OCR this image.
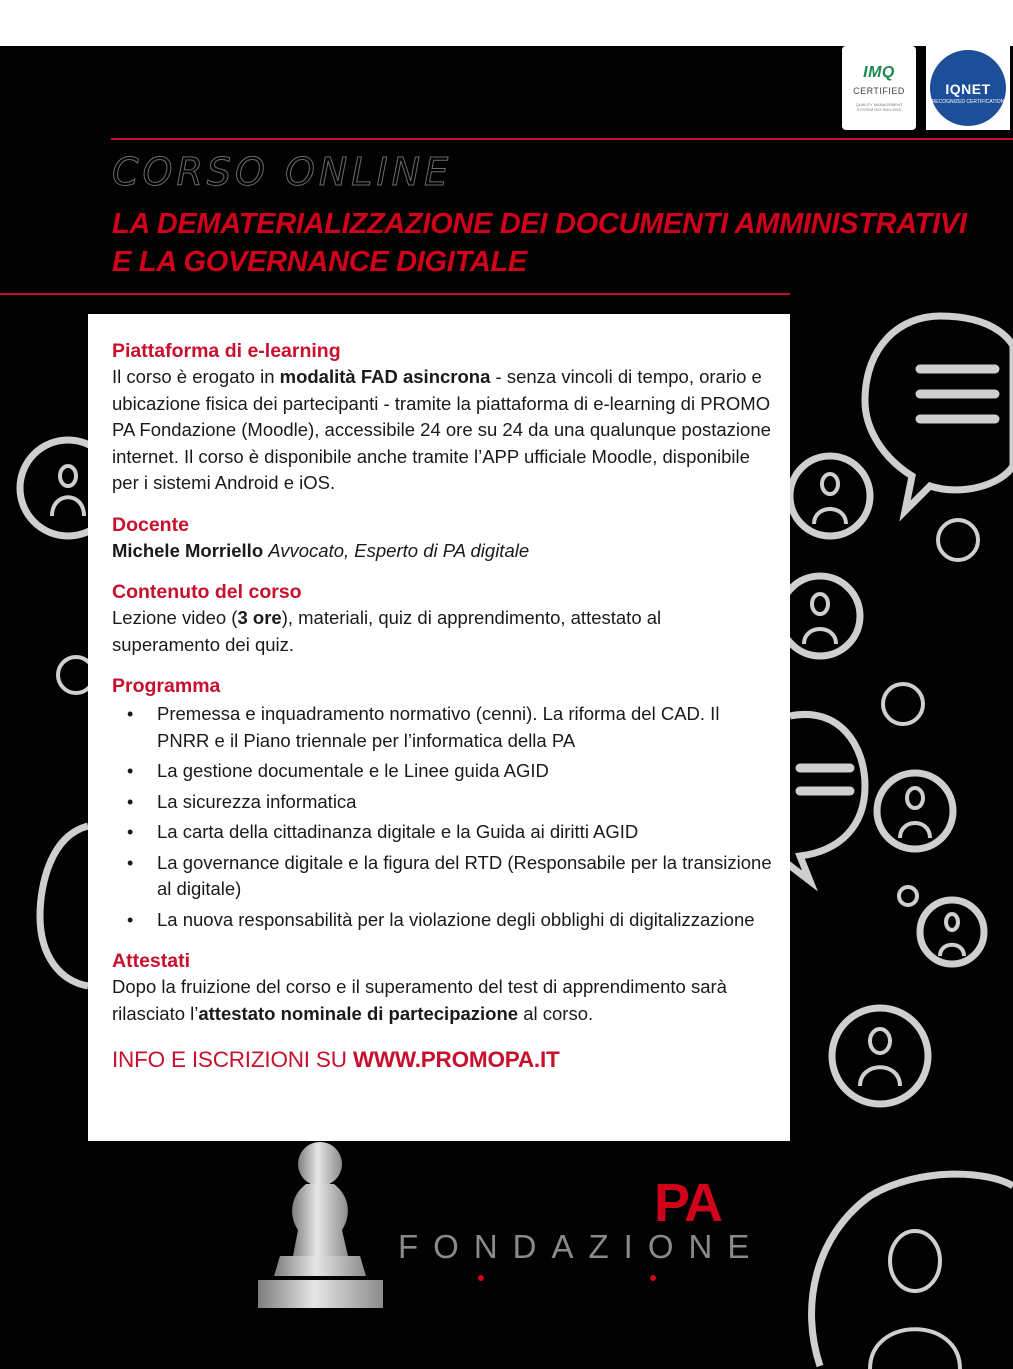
IMQ
CERTIFIED
QUALITY MANAGEMENT SYSTEM ISO 9001:2015
IQNET
RECOGNIZED CERTIFICATION
CORSO ONLINE
LA DEMATERIALIZZAZIONE DEI DOCUMENTI AMMINISTRATIVI
E LA GOVERNANCE DIGITALE
Piattaforma di e-learning

Il corso è erogato in modalità FAD asincrona - senza vincoli di tempo, orario e ubicazione fisica dei partecipanti - tramite la piattaforma di e-learning di PROMO PA Fondazione (Moodle), accessibile 24 ore su 24 da una qualunque postazione internet. Il corso è disponibile anche tramite l’APP ufficiale Moodle, disponibile per i sistemi Android e iOS.

Docente

Michele Morriello Avvocato, Esperto di PA digitale

Contenuto del corso

Lezione video (3 ore), materiali, quiz di apprendimento, attestato al superamento dei quiz.

Programma
• Premessa e inquadramento normativo (cenni). La riforma del CAD. Il PNRR e il Piano triennale per l’informatica della PA
• La gestione documentale e le Linee guida AGID
• La sicurezza informatica
• La carta della cittadinanza digitale e la Guida ai diritti AGID
• La governance digitale e la figura del RTD (Responsabile per la transizione al digitale)
• La nuova responsabilità per la violazione degli obblighi di digitalizzazione
Attestati

Dopo la fruizione del corso e il superamento del test di apprendimento sarà rilasciato l’attestato nominale di partecipazione al corso.

INFO E ISCRIZIONI SU WWW.PROMOPA.IT
PA
FONDAZIONE
